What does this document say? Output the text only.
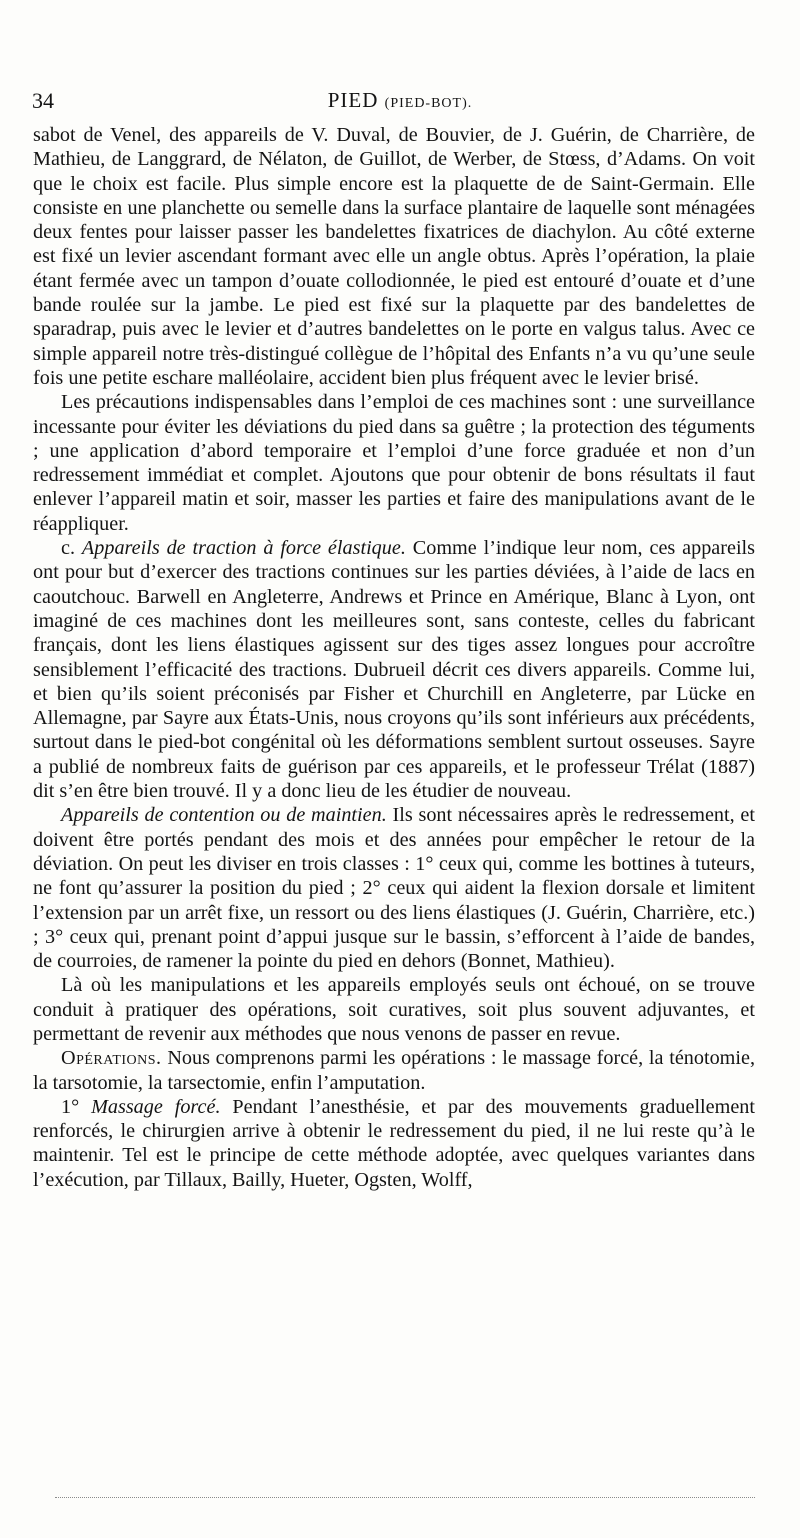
34	PIED (PIED-BOT).

sabot de Venel, des appareils de V. Duval, de Bouvier, de J. Guérin, de Charrière, de Mathieu, de Langgrard, de Nélaton, de Guillot, de Werber, de Stœss, d’Adams. On voit que le choix est facile. Plus simple encore est la plaquette de de Saint-Germain. Elle consiste en une planchette ou semelle dans la surface plantaire de laquelle sont ménagées deux fentes pour laisser passer les bandelettes fixatrices de diachylon. Au côté externe est fixé un levier ascendant formant avec elle un angle obtus. Après l’opération, la plaie étant fermée avec un tampon d’ouate collodionnée, le pied est entouré d’ouate et d’une bande roulée sur la jambe. Le pied est fixé sur la plaquette par des bandelettes de sparadrap, puis avec le levier et d’autres bandelettes on le porte en valgus talus. Avec ce simple appareil notre très-distingué collègue de l’hôpital des Enfants n’a vu qu’une seule fois une petite eschare malléolaire, accident bien plus fréquent avec le levier brisé.

Les précautions indispensables dans l’emploi de ces machines sont : une surveillance incessante pour éviter les déviations du pied dans sa guêtre ; la protection des téguments ; une application d’abord temporaire et l’emploi d’une force graduée et non d’un redressement immédiat et complet. Ajoutons que pour obtenir de bons résultats il faut enlever l’appareil matin et soir, masser les parties et faire des manipulations avant de le réappliquer.

c. Appareils de traction à force élastique. Comme l’indique leur nom, ces appareils ont pour but d’exercer des tractions continues sur les parties déviées, à l’aide de lacs en caoutchouc. Barwell en Angleterre, Andrews et Prince en Amérique, Blanc à Lyon, ont imaginé de ces machines dont les meilleures sont, sans conteste, celles du fabricant français, dont les liens élastiques agissent sur des tiges assez longues pour accroître sensiblement l’efficacité des tractions. Dubrueil décrit ces divers appareils. Comme lui, et bien qu’ils soient préconisés par Fisher et Churchill en Angleterre, par Lücke en Allemagne, par Sayre aux États-Unis, nous croyons qu’ils sont inférieurs aux précédents, surtout dans le pied-bot congénital où les déformations semblent surtout osseuses. Sayre a publié de nombreux faits de guérison par ces appareils, et le professeur Trélat (1887) dit s’en être bien trouvé. Il y a donc lieu de les étudier de nouveau.

Appareils de contention ou de maintien. Ils sont nécessaires après le redressement, et doivent être portés pendant des mois et des années pour empêcher le retour de la déviation. On peut les diviser en trois classes : 1° ceux qui, comme les bottines à tuteurs, ne font qu’assurer la position du pied ; 2° ceux qui aident la flexion dorsale et limitent l’extension par un arrêt fixe, un ressort ou des liens élastiques (J. Guérin, Charrière, etc.) ; 3° ceux qui, prenant point d’appui jusque sur le bassin, s’efforcent à l’aide de bandes, de courroies, de ramener la pointe du pied en dehors (Bonnet, Mathieu).

Là où les manipulations et les appareils employés seuls ont échoué, on se trouve conduit à pratiquer des opérations, soit curatives, soit plus souvent adjuvantes, et permettant de revenir aux méthodes que nous venons de passer en revue.

Opérations. Nous comprenons parmi les opérations : le massage forcé, la ténotomie, la tarsotomie, la tarsectomie, enfin l’amputation.

1° Massage forcé. Pendant l’anesthésie, et par des mouvements graduellement renforcés, le chirurgien arrive à obtenir le redressement du pied, il ne lui reste qu’à le maintenir. Tel est le principe de cette méthode adoptée, avec quelques variantes dans l’exécution, par Tillaux, Bailly, Hueter, Ogsten, Wolff,
